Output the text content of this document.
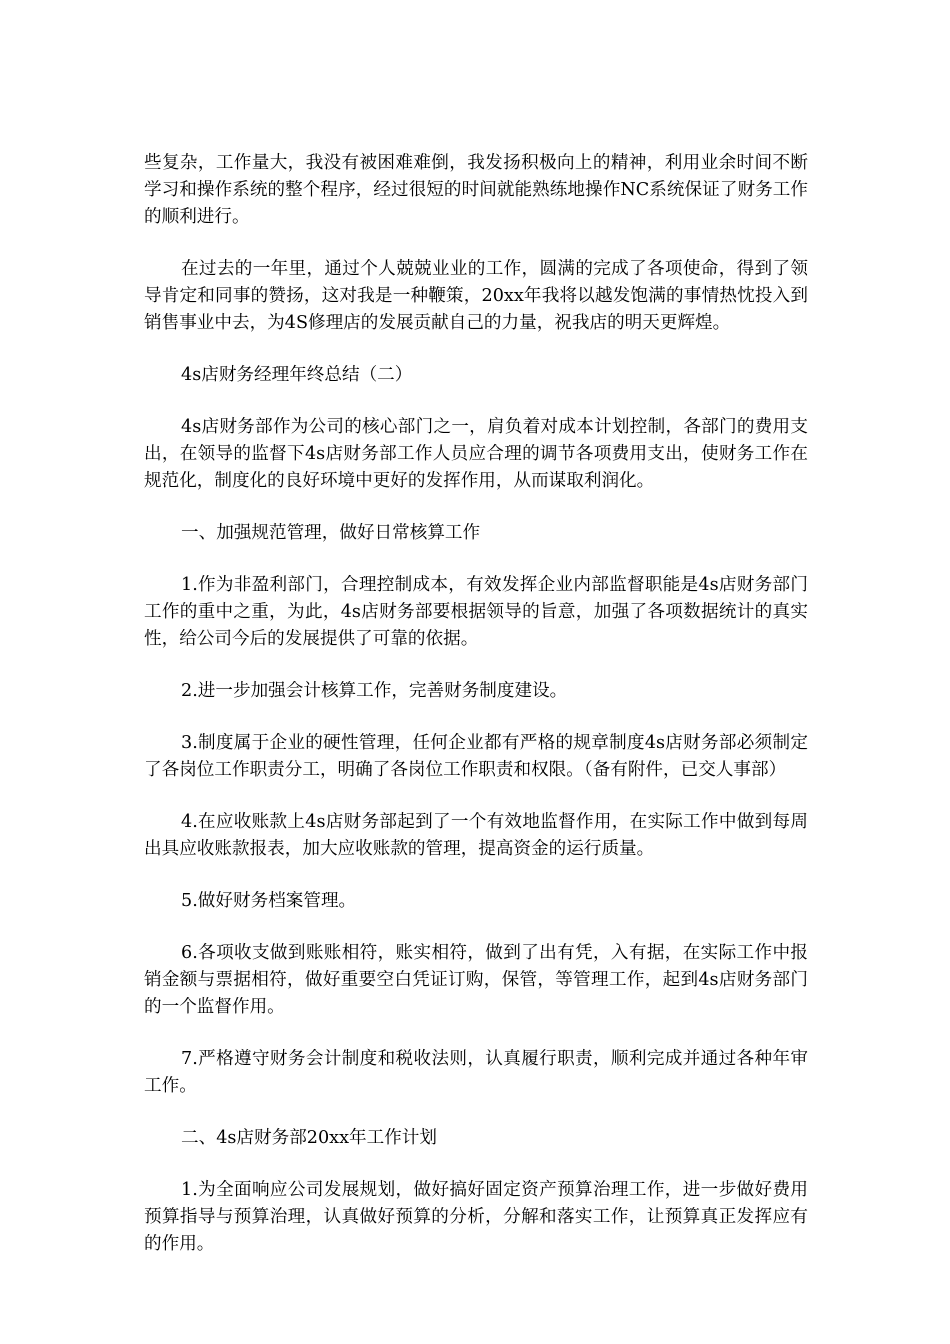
些复杂，工作量大，我没有被困难难倒，我发扬积极向上的精神，利用业余时间不断学习和操作系统的整个程序，经过很短的时间就能熟练地操作NC系统保证了财务工作的顺利进行。

在过去的一年里，通过个人兢兢业业的工作，圆满的完成了各项使命，得到了领导肯定和同事的赞扬，这对我是一种鞭策，20xx年我将以越发饱满的事情热忱投入到销售事业中去，为4S修理店的发展贡献自己的力量，祝我店的明天更辉煌。

4s店财务经理年终总结（二）

4s店财务部作为公司的核心部门之一，肩负着对成本计划控制，各部门的费用支出，在领导的监督下4s店财务部工作人员应合理的调节各项费用支出，使财务工作在规范化，制度化的良好环境中更好的发挥作用，从而谋取利润化。

一、加强规范管理，做好日常核算工作

1.作为非盈利部门，合理控制成本，有效发挥企业内部监督职能是4s店财务部门工作的重中之重，为此，4s店财务部要根据领导的旨意，加强了各项数据统计的真实性，给公司今后的发展提供了可靠的依据。

2.进一步加强会计核算工作，完善财务制度建设。

3.制度属于企业的硬性管理，任何企业都有严格的规章制度4s店财务部必须制定了各岗位工作职责分工，明确了各岗位工作职责和权限。（备有附件，已交人事部）

4.在应收账款上4s店财务部起到了一个有效地监督作用，在实际工作中做到每周出具应收账款报表，加大应收账款的管理，提高资金的运行质量。

5.做好财务档案管理。

6.各项收支做到账账相符，账实相符，做到了出有凭，入有据，在实际工作中报销金额与票据相符，做好重要空白凭证订购，保管，等管理工作，起到4s店财务部门的一个监督作用。

7.严格遵守财务会计制度和税收法则，认真履行职责，顺利完成并通过各种年审工作。

二、4s店财务部20xx年工作计划

1.为全面响应公司发展规划，做好搞好固定资产预算治理工作，进一步做好费用预算指导与预算治理，认真做好预算的分析，分解和落实工作，让预算真正发挥应有的作用。
